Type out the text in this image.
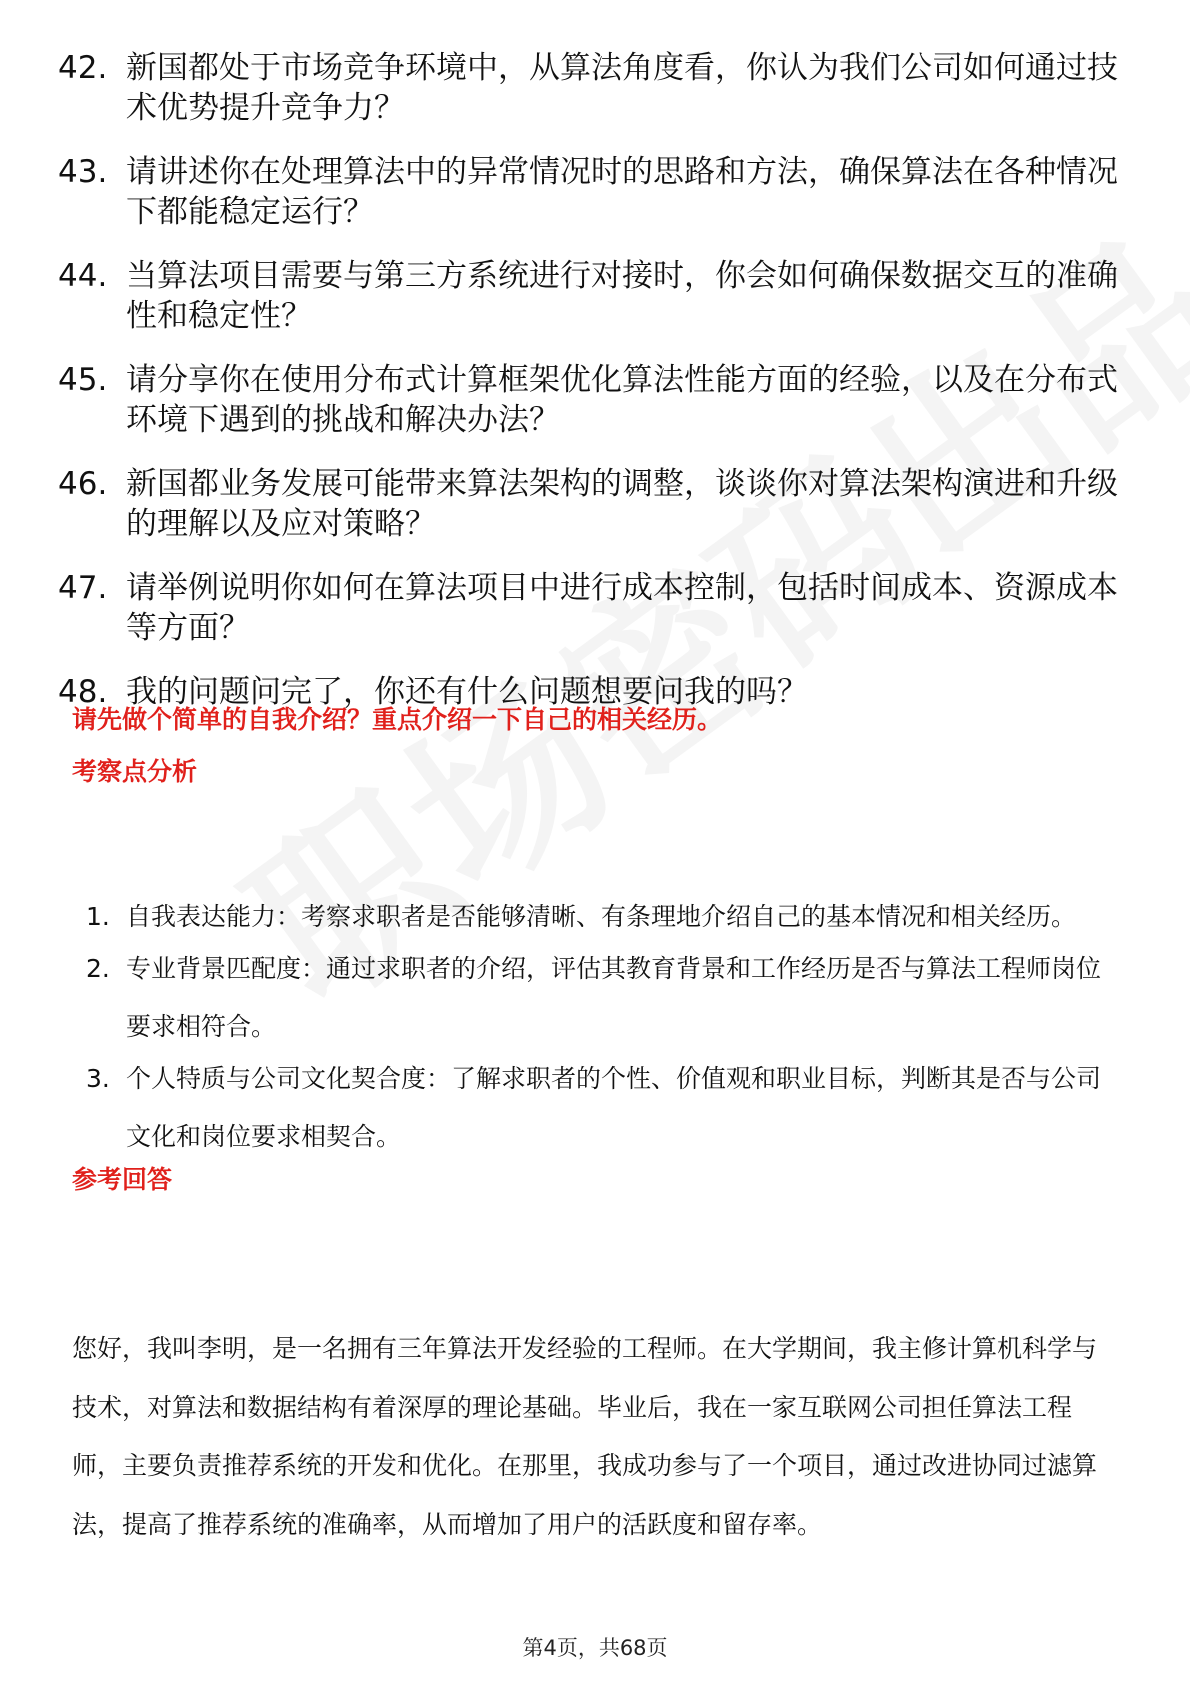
42. 新国都处于市场竞争环境中，从算法角度看，你认为我们公司如何通过技术优势提升竞争力？
43. 请讲述你在处理算法中的异常情况时的思路和方法，确保算法在各种情况下都能稳定运行？
44. 当算法项目需要与第三方系统进行对接时，你会如何确保数据交互的准确性和稳定性？
45. 请分享你在使用分布式计算框架优化算法性能方面的经验，以及在分布式环境下遇到的挑战和解决办法？
46. 新国都业务发展可能带来算法架构的调整，谈谈你对算法架构演进和升级的理解以及应对策略？
47. 请举例说明你如何在算法项目中进行成本控制，包括时间成本、资源成本等方面？
48. 我的问题问完了，你还有什么问题想要问我的吗？
请先做个简单的自我介绍？重点介绍一下自己的相关经历。
考察点分析
1. 自我表达能力：考察求职者是否能够清晰、有条理地介绍自己的基本情况和相关经历。
2. 专业背景匹配度：通过求职者的介绍，评估其教育背景和工作经历是否与算法工程师岗位要求相符合。
3. 个人特质与公司文化契合度：了解求职者的个性、价值观和职业目标，判断其是否与公司文化和岗位要求相契合。
参考回答
您好，我叫李明，是一名拥有三年算法开发经验的工程师。在大学期间，我主修计算机科学与技术，对算法和数据结构有着深厚的理论基础。毕业后，我在一家互联网公司担任算法工程师，主要负责推荐系统的开发和优化。在那里，我成功参与了一个项目，通过改进协同过滤算法，提高了推荐系统的准确率，从而增加了用户的活跃度和留存率。
第4页，共68页
